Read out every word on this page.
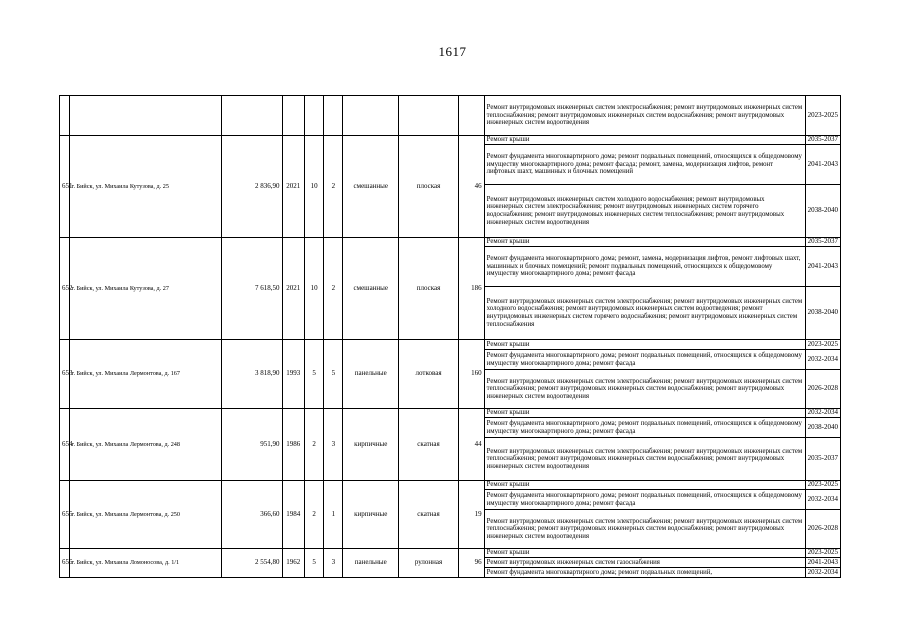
1617
									Ремонт внутридомовых инженерных систем электроснабжения; ремонт внутридомовых инженерных систем теплоснабжения; ремонт внутридомовых инженерных систем водоснабжения; ремонт внутридомовых инженерных систем водоотведения	2023-2025
651	г. Бийск, ул. Михаила Кутузова, д. 25	2 836,90	2021	10	2	смешанные	плоская	46	Ремонт крыши	2035-2037
									Ремонт фундамента многоквартирного дома; ремонт подвальных помещений, относящихся к общедомовому имуществу многоквартирного дома; ремонт фасада; ремонт, замена, модернизация лифтов, ремонт лифтовых шахт, машинных и блочных помещений	2041-2043
									Ремонт внутридомовых инженерных систем холодного водоснабжения; ремонт внутридомовых инженерных систем электроснабжения; ремонт внутридомовых инженерных систем горячего водоснабжения; ремонт внутридомовых инженерных систем теплоснабжения; ремонт внутридомовых инженерных систем водоотведения	2038-2040
652	г. Бийск, ул. Михаила Кутузова, д. 27	7 618,50	2021	10	2	смешанные	плоская	186	Ремонт крыши	2035-2037
									Ремонт фундамента многоквартирного дома; ремонт, замена, модернизация лифтов, ремонт лифтовых шахт, машинных и блочных помещений; ремонт подвальных помещений, относящихся к общедомовому имуществу многоквартирного дома; ремонт фасада	2041-2043
									Ремонт внутридомовых инженерных систем электроснабжения; ремонт внутридомовых инженерных систем холодного водоснабжения; ремонт внутридомовых инженерных систем водоотведения; ремонт внутридомовых инженерных систем горячего водоснабжения; ремонт внутридомовых инженерных систем теплоснабжения	2038-2040
653	г. Бийск, ул. Михаила Лермонтова, д. 167	3 818,90	1993	5	5	панельные	лотковая	160	Ремонт крыши	2023-2025
									Ремонт фундамента многоквартирного дома; ремонт подвальных помещений, относящихся к общедомовому имуществу многоквартирного дома; ремонт фасада	2032-2034
									Ремонт внутридомовых инженерных систем электроснабжения; ремонт внутридомовых инженерных систем теплоснабжения; ремонт внутридомовых инженерных систем водоснабжения; ремонт внутридомовых инженерных систем водоотведения	2026-2028
654	г. Бийск, ул. Михаила Лермонтова, д. 248	951,90	1986	2	3	кирпичные	скатная	44	Ремонт крыши	2032-2034
									Ремонт фундамента многоквартирного дома; ремонт подвальных помещений, относящихся к общедомовому имуществу многоквартирного дома; ремонт фасада	2038-2040
									Ремонт внутридомовых инженерных систем электроснабжения; ремонт внутридомовых инженерных систем теплоснабжения; ремонт внутридомовых инженерных систем водоснабжения; ремонт внутридомовых инженерных систем водоотведения	2035-2037
655	г. Бийск, ул. Михаила Лермонтова, д. 250	366,60	1984	2	1	кирпичные	скатная	19	Ремонт крыши	2023-2025
									Ремонт фундамента многоквартирного дома; ремонт подвальных помещений, относящихся к общедомовому имуществу многоквартирного дома; ремонт фасада	2032-2034
									Ремонт внутридомовых инженерных систем электроснабжения; ремонт внутридомовых инженерных систем теплоснабжения; ремонт внутридомовых инженерных систем водоснабжения; ремонт внутридомовых инженерных систем водоотведения	2026-2028
656	г. Бийск, ул. Михаила Ломоносова, д. 1/1	2 554,80	1962	5	3	панельные	рулонная	96	Ремонт крыши	2023-2025
									Ремонт внутридомовых инженерных систем газоснабжения	2041-2043
									Ремонт фундамента многоквартирного дома; ремонт подвальных помещений,	2032-2034
